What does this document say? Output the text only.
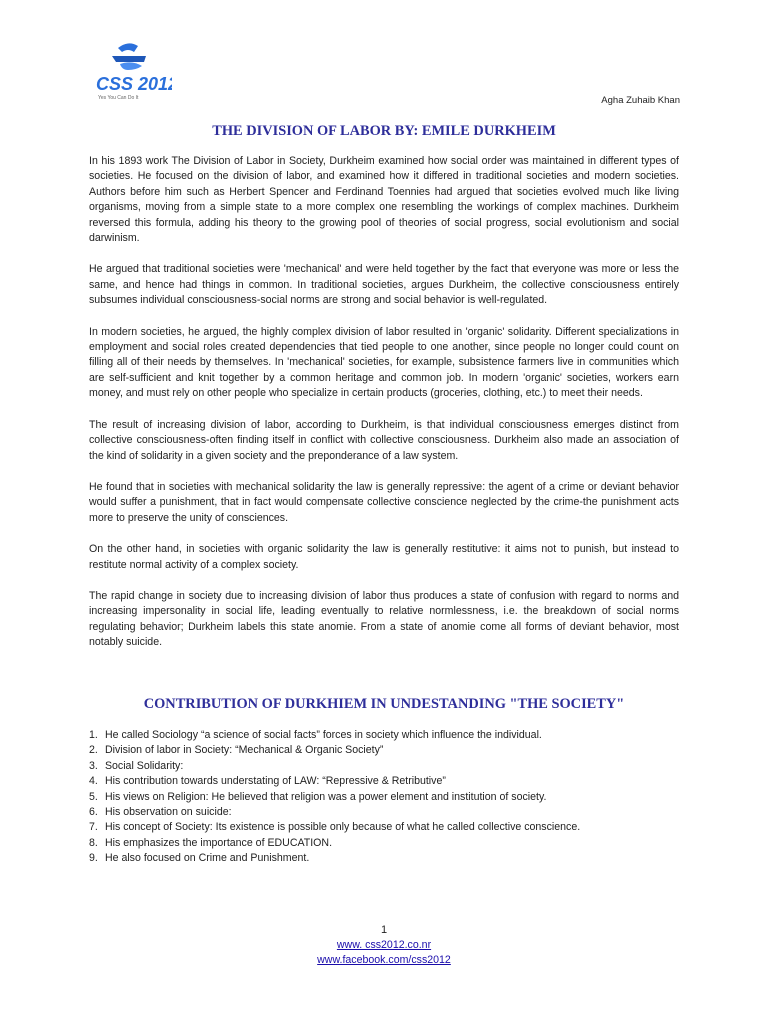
CSS 2012
Yes You Can Do It	Agha Zuhaib Khan
THE DIVISION OF LABOR BY: EMILE DURKHEIM

In his 1893 work The Division of Labor in Society, Durkheim examined how social order was maintained in different types of societies. He focused on the division of labor, and examined how it differed in traditional societies and modern societies. Authors before him such as Herbert Spencer and Ferdinand Toennies had argued that societies evolved much like living organisms, moving from a simple state to a more complex one resembling the workings of complex machines. Durkheim reversed this formula, adding his theory to the growing pool of theories of social progress, social evolutionism and social darwinism.

He argued that traditional societies were 'mechanical' and were held together by the fact that everyone was more or less the same, and hence had things in common. In traditional societies, argues Durkheim, the collective consciousness entirely subsumes individual consciousness-social norms are strong and social behavior is well-regulated.

In modern societies, he argued, the highly complex division of labor resulted in 'organic' solidarity. Different specializations in employment and social roles created dependencies that tied people to one another, since people no longer could count on filling all of their needs by themselves. In 'mechanical' societies, for example, subsistence farmers live in communities which are self-sufficient and knit together by a common heritage and common job. In modern 'organic' societies, workers earn money, and must rely on other people who specialize in certain products (groceries, clothing, etc.) to meet their needs.

The result of increasing division of labor, according to Durkheim, is that individual consciousness emerges distinct from collective consciousness-often finding itself in conflict with collective consciousness. Durkheim also made an association of the kind of solidarity in a given society and the preponderance of a law system.

He found that in societies with mechanical solidarity the law is generally repressive: the agent of a crime or deviant behavior would suffer a punishment, that in fact would compensate collective conscience neglected by the crime-the punishment acts more to preserve the unity of consciences.

On the other hand, in societies with organic solidarity the law is generally restitutive: it aims not to punish, but instead to restitute normal activity of a complex society.

The rapid change in society due to increasing division of labor thus produces a state of confusion with regard to norms and increasing impersonality in social life, leading eventually to relative normlessness, i.e. the breakdown of social norms regulating behavior; Durkheim labels this state anomie. From a state of anomie come all forms of deviant behavior, most notably suicide.

CONTRIBUTION OF DURKHIEM IN UNDESTANDING "THE SOCIETY"
1. He called Sociology “a science of social facts” forces in society which influence the individual.
2. Division of labor in Society: “Mechanical & Organic Society”
3. Social Solidarity:
4. His contribution towards understating of LAW: “Repressive & Retributive”
5. His views on Religion: He believed that religion was a power element and institution of society.
6. His observation on suicide:
7. His concept of Society: Its existence is possible only because of what he called collective conscience.
8. His emphasizes the importance of EDUCATION.
9. He also focused on Crime and Punishment.
1
www. css2012.co.nr
www.facebook.com/css2012
